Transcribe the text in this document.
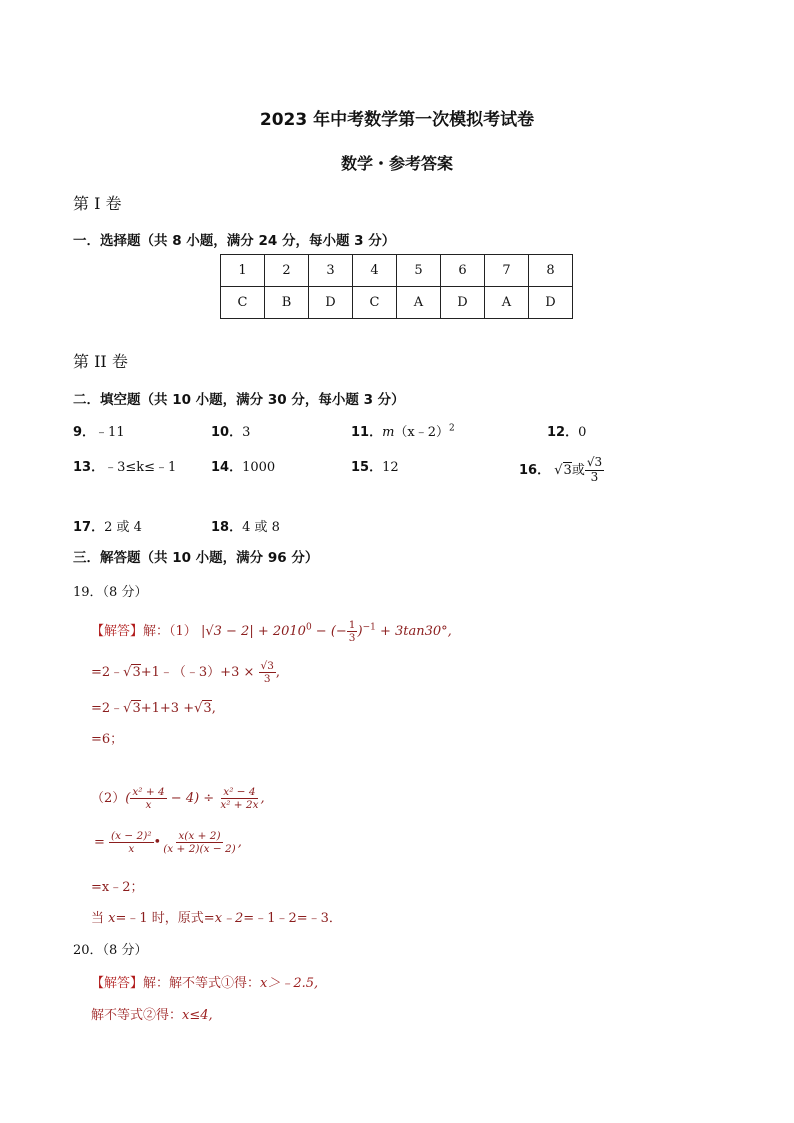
2023 年中考数学第一次模拟考试卷
数学・参考答案
第 I 卷
一．选择题（共 8 小题，满分 24 分，每小题 3 分）
1	2	3	4	5	6	7	8
C	B	D	C	A	D	A	D
第 II 卷
二．填空题（共 10 小题，满分 30 分，每小题 3 分）
9．﹣11	10．3	11．m（x﹣2）$^2$	12．0
13．﹣3≤k≤﹣1	14．1000	15．12	16． √3或 $\frac{√3}{3}$
17．2 或 4	18．4 或 8
三．解答题（共 10 小题，满分 96 分）
19．（8 分）
【解答】解：（1） $|√3 - 2| + 2010^0$ − (− $\frac{1}{3} )^{-1} + 3\tan 30^\circ$,
=2﹣√3+1﹣（﹣3）+3 × $\frac{√3}{3}$ ,
=2﹣√3+1+3 +√3,
=6；
$(2)( \frac{\text{x² + 4}}{x} - 4) \div \frac{\text{x² − 4}}{\text{x² + 2x}}$ ,
= $\frac{\text{(x − 2)²}}{x}$ • $\frac{x(x + 2)}{(x + 2)(x - 2)}$ ,
=x﹣2；
当 x=﹣1 时，原式=x﹣2=﹣1﹣2=﹣3．
20．（8 分）
【解答】解：解不等式①得：x＞﹣2.5,
解不等式②得：x≤4,
